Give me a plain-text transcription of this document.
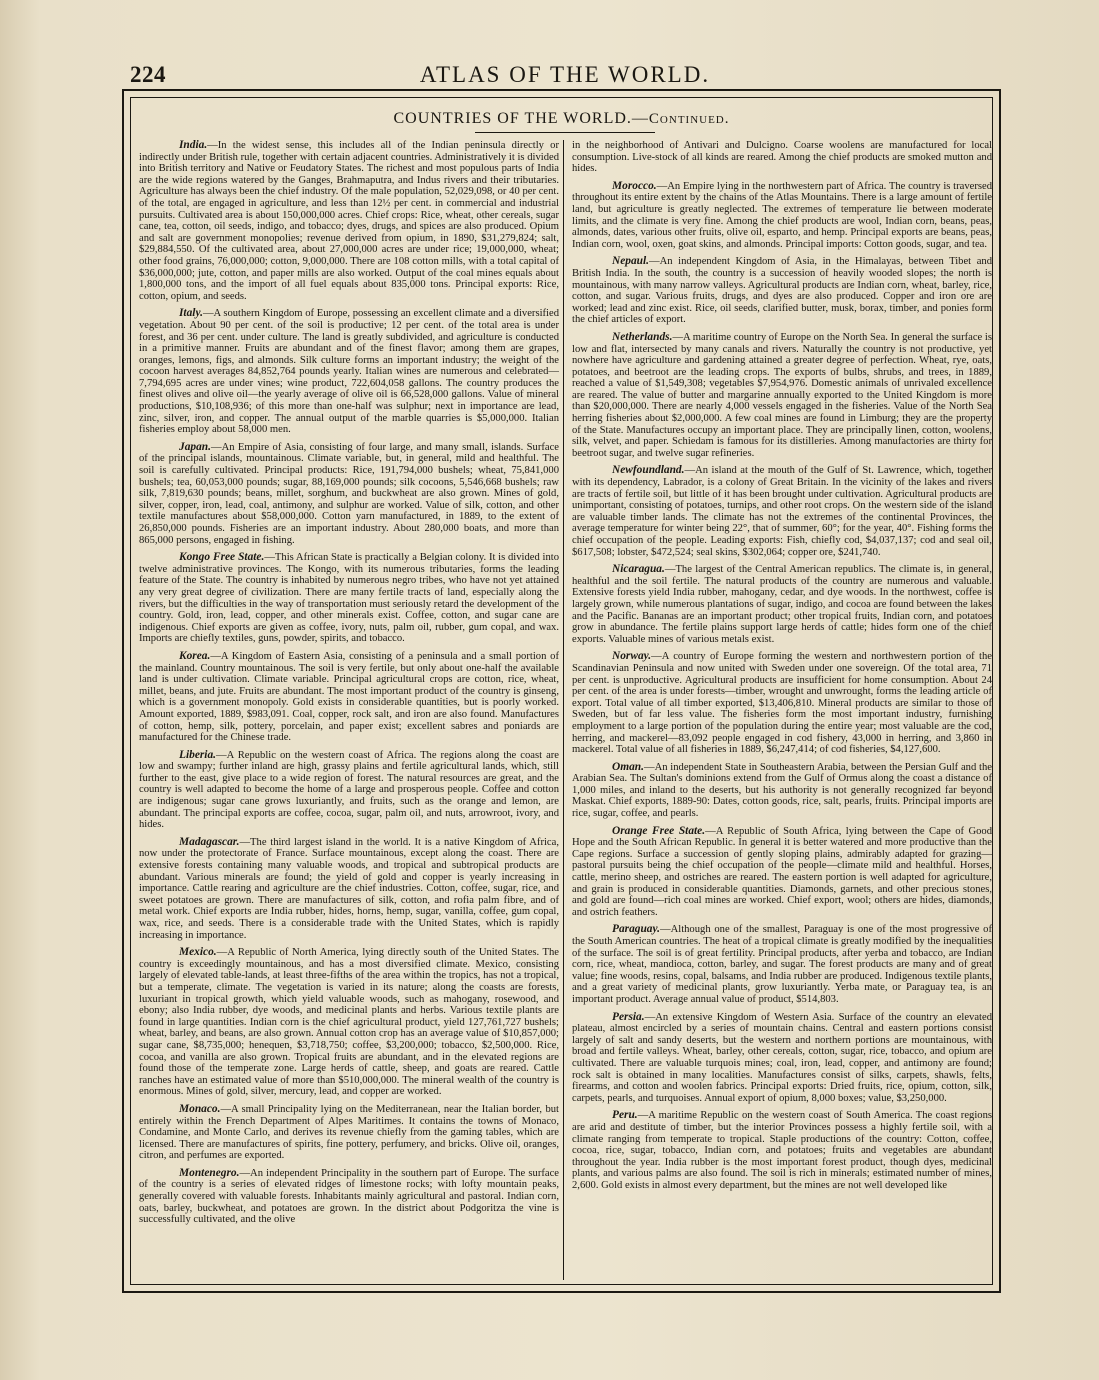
224	ATLAS OF THE WORLD.
COUNTRIES OF THE WORLD.—Continued.

India.—In the widest sense, this includes all of the Indian peninsula directly or indirectly under British rule, together with certain adjacent countries. Administratively it is divided into British territory and Native or Feudatory States. The richest and most populous parts of India are the wide regions watered by the Ganges, Brahmaputra, and Indus rivers and their tributaries. Agriculture has always been the chief industry. Of the male population, 52,029,098, or 40 per cent. of the total, are engaged in agriculture, and less than 12½ per cent. in commercial and industrial pursuits. Cultivated area is about 150,000,000 acres. Chief crops: Rice, wheat, other cereals, sugar cane, tea, cotton, oil seeds, indigo, and tobacco; dyes, drugs, and spices are also produced. Opium and salt are government monopolies; revenue derived from opium, in 1890, $31,279,824; salt, $29,884,550. Of the cultivated area, about 27,000,000 acres are under rice; 19,000,000, wheat; other food grains, 76,000,000; cotton, 9,000,000. There are 108 cotton mills, with a total capital of $36,000,000; jute, cotton, and paper mills are also worked. Output of the coal mines equals about 1,800,000 tons, and the import of all fuel equals about 835,000 tons. Principal exports: Rice, cotton, opium, and seeds.

Italy.—A southern Kingdom of Europe, possessing an excellent climate and a diversified vegetation. About 90 per cent. of the soil is productive; 12 per cent. of the total area is under forest, and 36 per cent. under culture. The land is greatly subdivided, and agriculture is conducted in a primitive manner. Fruits are abundant and of the finest flavor; among them are grapes, oranges, lemons, figs, and almonds. Silk culture forms an important industry; the weight of the cocoon harvest averages 84,852,764 pounds yearly. Italian wines are numerous and celebrated—7,794,695 acres are under vines; wine product, 722,604,058 gallons. The country produces the finest olives and olive oil—the yearly average of olive oil is 66,528,000 gallons. Value of mineral productions, $10,108,936; of this more than one-half was sulphur; next in importance are lead, zinc, silver, iron, and copper. The annual output of the marble quarries is $5,000,000. Italian fisheries employ about 58,000 men.

Japan.—An Empire of Asia, consisting of four large, and many small, islands. Surface of the principal islands, mountainous. Climate variable, but, in general, mild and healthful. The soil is carefully cultivated. Principal products: Rice, 191,794,000 bushels; wheat, 75,841,000 bushels; tea, 60,053,000 pounds; sugar, 88,169,000 pounds; silk cocoons, 5,546,668 bushels; raw silk, 7,819,630 pounds; beans, millet, sorghum, and buckwheat are also grown. Mines of gold, silver, copper, iron, lead, coal, antimony, and sulphur are worked. Value of silk, cotton, and other textile manufactures about $58,000,000. Cotton yarn manufactured, in 1889, to the extent of 26,850,000 pounds. Fisheries are an important industry. About 280,000 boats, and more than 865,000 persons, engaged in fishing.

Kongo Free State.—This African State is practically a Belgian colony. It is divided into twelve administrative provinces. The Kongo, with its numerous tributaries, forms the leading feature of the State. The country is inhabited by numerous negro tribes, who have not yet attained any very great degree of civilization. There are many fertile tracts of land, especially along the rivers, but the difficulties in the way of transportation must seriously retard the development of the country. Gold, iron, lead, copper, and other minerals exist. Coffee, cotton, and sugar cane are indigenous. Chief exports are given as coffee, ivory, nuts, palm oil, rubber, gum copal, and wax. Imports are chiefly textiles, guns, powder, spirits, and tobacco.

Korea.—A Kingdom of Eastern Asia, consisting of a peninsula and a small portion of the mainland. Country mountainous. The soil is very fertile, but only about one-half the available land is under cultivation. Climate variable. Principal agricultural crops are cotton, rice, wheat, millet, beans, and jute. Fruits are abundant. The most important product of the country is ginseng, which is a government monopoly. Gold exists in considerable quantities, but is poorly worked. Amount exported, 1889, $983,091. Coal, copper, rock salt, and iron are also found. Manufactures of cotton, hemp, silk, pottery, porcelain, and paper exist; excellent sabres and poniards are manufactured for the Chinese trade.

Liberia.—A Republic on the western coast of Africa. The regions along the coast are low and swampy; further inland are high, grassy plains and fertile agricultural lands, which, still further to the east, give place to a wide region of forest. The natural resources are great, and the country is well adapted to become the home of a large and prosperous people. Coffee and cotton are indigenous; sugar cane grows luxuriantly, and fruits, such as the orange and lemon, are abundant. The principal exports are coffee, cocoa, sugar, palm oil, and nuts, arrowroot, ivory, and hides.

Madagascar.—The third largest island in the world. It is a native Kingdom of Africa, now under the protectorate of France. Surface mountainous, except along the coast. There are extensive forests containing many valuable woods, and tropical and subtropical products are abundant. Various minerals are found; the yield of gold and copper is yearly increasing in importance. Cattle rearing and agriculture are the chief industries. Cotton, coffee, sugar, rice, and sweet potatoes are grown. There are manufactures of silk, cotton, and rofia palm fibre, and of metal work. Chief exports are India rubber, hides, horns, hemp, sugar, vanilla, coffee, gum copal, wax, rice, and seeds. There is a considerable trade with the United States, which is rapidly increasing in importance.

Mexico.—A Republic of North America, lying directly south of the United States. The country is exceedingly mountainous, and has a most diversified climate. Mexico, consisting largely of elevated table-lands, at least three-fifths of the area within the tropics, has not a tropical, but a temperate, climate. The vegetation is varied in its nature; along the coasts are forests, luxuriant in tropical growth, which yield valuable woods, such as mahogany, rosewood, and ebony; also India rubber, dye woods, and medicinal plants and herbs. Various textile plants are found in large quantities. Indian corn is the chief agricultural product, yield 127,761,727 bushels; wheat, barley, and beans, are also grown. Annual cotton crop has an average value of $10,857,000; sugar cane, $8,735,000; henequen, $3,718,750; coffee, $3,200,000; tobacco, $2,500,000. Rice, cocoa, and vanilla are also grown. Tropical fruits are abundant, and in the elevated regions are found those of the temperate zone. Large herds of cattle, sheep, and goats are reared. Cattle ranches have an estimated value of more than $510,000,000. The mineral wealth of the country is enormous. Mines of gold, silver, mercury, lead, and copper are worked.

Monaco.—A small Principality lying on the Mediterranean, near the Italian border, but entirely within the French Department of Alpes Maritimes. It contains the towns of Monaco, Condamine, and Monte Carlo, and derives its revenue chiefly from the gaming tables, which are licensed. There are manufactures of spirits, fine pottery, perfumery, and bricks. Olive oil, oranges, citron, and perfumes are exported.

Montenegro.—An independent Principality in the southern part of Europe. The surface of the country is a series of elevated ridges of limestone rocks; with lofty mountain peaks, generally covered with valuable forests. Inhabitants mainly agricultural and pastoral. Indian corn, oats, barley, buckwheat, and potatoes are grown. In the district about Podgoritza the vine is successfully cultivated, and the olive

in the neighborhood of Antivari and Dulcigno. Coarse woolens are manufactured for local consumption. Live-stock of all kinds are reared. Among the chief products are smoked mutton and hides.

Morocco.—An Empire lying in the northwestern part of Africa. The country is traversed throughout its entire extent by the chains of the Atlas Mountains. There is a large amount of fertile land, but agriculture is greatly neglected. The extremes of temperature lie between moderate limits, and the climate is very fine. Among the chief products are wool, Indian corn, beans, peas, almonds, dates, various other fruits, olive oil, esparto, and hemp. Principal exports are beans, peas, Indian corn, wool, oxen, goat skins, and almonds. Principal imports: Cotton goods, sugar, and tea.

Nepaul.—An independent Kingdom of Asia, in the Himalayas, between Tibet and British India. In the south, the country is a succession of heavily wooded slopes; the north is mountainous, with many narrow valleys. Agricultural products are Indian corn, wheat, barley, rice, cotton, and sugar. Various fruits, drugs, and dyes are also produced. Copper and iron ore are worked; lead and zinc exist. Rice, oil seeds, clarified butter, musk, borax, timber, and ponies form the chief articles of export.

Netherlands.—A maritime country of Europe on the North Sea. In general the surface is low and flat, intersected by many canals and rivers. Naturally the country is not productive, yet nowhere have agriculture and gardening attained a greater degree of perfection. Wheat, rye, oats, potatoes, and beetroot are the leading crops. The exports of bulbs, shrubs, and trees, in 1889, reached a value of $1,549,308; vegetables $7,954,976. Domestic animals of unrivaled excellence are reared. The value of butter and margarine annually exported to the United Kingdom is more than $20,000,000. There are nearly 4,000 vessels engaged in the fisheries. Value of the North Sea herring fisheries about $2,000,000. A few coal mines are found in Limburg; they are the property of the State. Manufactures occupy an important place. They are principally linen, cotton, woolens, silk, velvet, and paper. Schiedam is famous for its distilleries. Among manufactories are thirty for beetroot sugar, and twelve sugar refineries.

Newfoundland.—An island at the mouth of the Gulf of St. Lawrence, which, together with its dependency, Labrador, is a colony of Great Britain. In the vicinity of the lakes and rivers are tracts of fertile soil, but little of it has been brought under cultivation. Agricultural products are unimportant, consisting of potatoes, turnips, and other root crops. On the western side of the island are valuable timber lands. The climate has not the extremes of the continental Provinces, the average temperature for winter being 22°, that of summer, 60°; for the year, 40°. Fishing forms the chief occupation of the people. Leading exports: Fish, chiefly cod, $4,037,137; cod and seal oil, $617,508; lobster, $472,524; seal skins, $302,064; copper ore, $241,740.

Nicaragua.—The largest of the Central American republics. The climate is, in general, healthful and the soil fertile. The natural products of the country are numerous and valuable. Extensive forests yield India rubber, mahogany, cedar, and dye woods. In the northwest, coffee is largely grown, while numerous plantations of sugar, indigo, and cocoa are found between the lakes and the Pacific. Bananas are an important product; other tropical fruits, Indian corn, and potatoes grow in abundance. The fertile plains support large herds of cattle; hides form one of the chief exports. Valuable mines of various metals exist.

Norway.—A country of Europe forming the western and northwestern portion of the Scandinavian Peninsula and now united with Sweden under one sovereign. Of the total area, 71 per cent. is unproductive. Agricultural products are insufficient for home consumption. About 24 per cent. of the area is under forests—timber, wrought and unwrought, forms the leading article of export. Total value of all timber exported, $13,406,810. Mineral products are similar to those of Sweden, but of far less value. The fisheries form the most important industry, furnishing employment to a large portion of the population during the entire year; most valuable are the cod, herring, and mackerel—83,092 people engaged in cod fishery, 43,000 in herring, and 3,860 in mackerel. Total value of all fisheries in 1889, $6,247,414; of cod fisheries, $4,127,600.

Oman.—An independent State in Southeastern Arabia, between the Persian Gulf and the Arabian Sea. The Sultan's dominions extend from the Gulf of Ormus along the coast a distance of 1,000 miles, and inland to the deserts, but his authority is not generally recognized far beyond Maskat. Chief exports, 1889-90: Dates, cotton goods, rice, salt, pearls, fruits. Principal imports are rice, sugar, coffee, and pearls.

Orange Free State.—A Republic of South Africa, lying between the Cape of Good Hope and the South African Republic. In general it is better watered and more productive than the Cape regions. Surface a succession of gently sloping plains, admirably adapted for grazing—pastoral pursuits being the chief occupation of the people—climate mild and healthful. Horses, cattle, merino sheep, and ostriches are reared. The eastern portion is well adapted for agriculture, and grain is produced in considerable quantities. Diamonds, garnets, and other precious stones, and gold are found—rich coal mines are worked. Chief export, wool; others are hides, diamonds, and ostrich feathers.

Paraguay.—Although one of the smallest, Paraguay is one of the most progressive of the South American countries. The heat of a tropical climate is greatly modified by the inequalities of the surface. The soil is of great fertility. Principal products, after yerba and tobacco, are Indian corn, rice, wheat, mandioca, cotton, barley, and sugar. The forest products are many and of great value; fine woods, resins, copal, balsams, and India rubber are produced. Indigenous textile plants, and a great variety of medicinal plants, grow luxuriantly. Yerba mate, or Paraguay tea, is an important product. Average annual value of product, $514,803.

Persia.—An extensive Kingdom of Western Asia. Surface of the country an elevated plateau, almost encircled by a series of mountain chains. Central and eastern portions consist largely of salt and sandy deserts, but the western and northern portions are mountainous, with broad and fertile valleys. Wheat, barley, other cereals, cotton, sugar, rice, tobacco, and opium are cultivated. There are valuable turquois mines; coal, iron, lead, copper, and antimony are found; rock salt is obtained in many localities. Manufactures consist of silks, carpets, shawls, felts, firearms, and cotton and woolen fabrics. Principal exports: Dried fruits, rice, opium, cotton, silk, carpets, pearls, and turquoises. Annual export of opium, 8,000 boxes; value, $3,250,000.

Peru.—A maritime Republic on the western coast of South America. The coast regions are arid and destitute of timber, but the interior Provinces possess a highly fertile soil, with a climate ranging from temperate to tropical. Staple productions of the country: Cotton, coffee, cocoa, rice, sugar, tobacco, Indian corn, and potatoes; fruits and vegetables are abundant throughout the year. India rubber is the most important forest product, though dyes, medicinal plants, and various palms are also found. The soil is rich in minerals; estimated number of mines, 2,600. Gold exists in almost every department, but the mines are not well developed like
